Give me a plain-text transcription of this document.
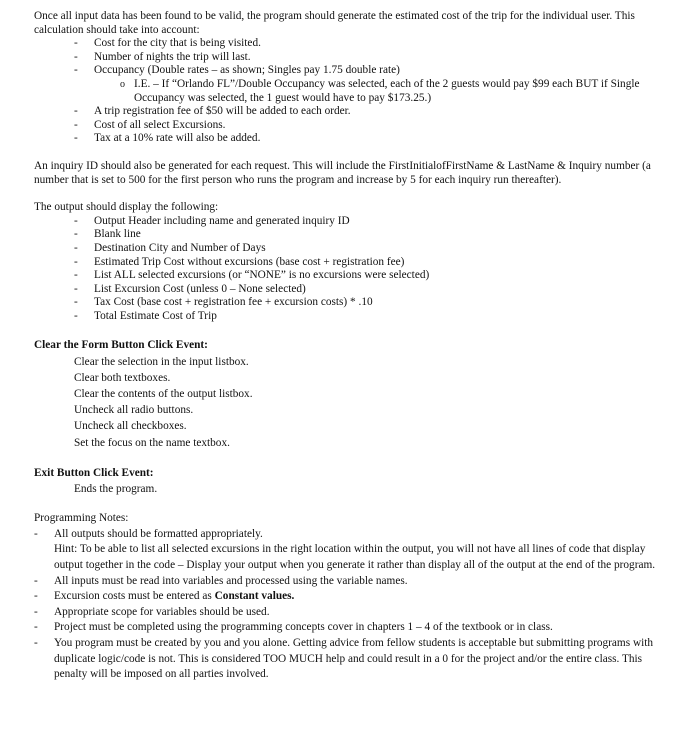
Once all input data has been found to be valid, the program should generate the estimated cost of the trip for the individual user. This calculation should take into account:

- Cost for the city that is being visited.
- Number of nights the trip will last.
- Occupancy (Double rates – as shown; Singles pay 1.75 double rate)
o I.E. – If “Orlando FL”/Double Occupancy was selected, each of the 2 guests would pay $99 each BUT if Single Occupancy was selected, the 1 guest would have to pay $173.25.)
- A trip registration fee of $50 will be added to each order.
- Cost of all select Excursions.
- Tax at a 10% rate will also be added.

An inquiry ID should also be generated for each request. This will include the FirstInitialofFirstName & LastName & Inquiry number (a number that is set to 500 for the first person who runs the program and increase by 5 for each inquiry run thereafter).

The output should display the following:

- Output Header including name and generated inquiry ID
- Blank line
- Destination City and Number of Days
- Estimated Trip Cost without excursions (base cost + registration fee)
- List ALL selected excursions (or “NONE” is no excursions were selected)
- List Excursion Cost (unless 0 – None selected)
- Tax Cost (base cost + registration fee + excursion costs) * .10
- Total Estimate Cost of Trip

Clear the Form Button Click Event:

Clear the selection in the input listbox.

Clear both textboxes.

Clear the contents of the output listbox.

Uncheck all radio buttons.

Uncheck all checkboxes.

Set the focus on the name textbox.

Exit Button Click Event:

Ends the program.

Programming Notes:

- All outputs should be formatted appropriately.
Hint: To be able to list all selected excursions in the right location within the output, you will not have all lines of code that display output together in the code – Display your output when you generate it rather than display all of the output at the end of the program.
- All inputs must be read into variables and processed using the variable names.
- Excursion costs must be entered as Constant values.
- Appropriate scope for variables should be used.
- Project must be completed using the programming concepts cover in chapters 1 – 4 of the textbook or in class.
- You program must be created by you and you alone. Getting advice from fellow students is acceptable but submitting programs with duplicate logic/code is not. This is considered TOO MUCH help and could result in a 0 for the project and/or the entire class. This penalty will be imposed on all parties involved.
